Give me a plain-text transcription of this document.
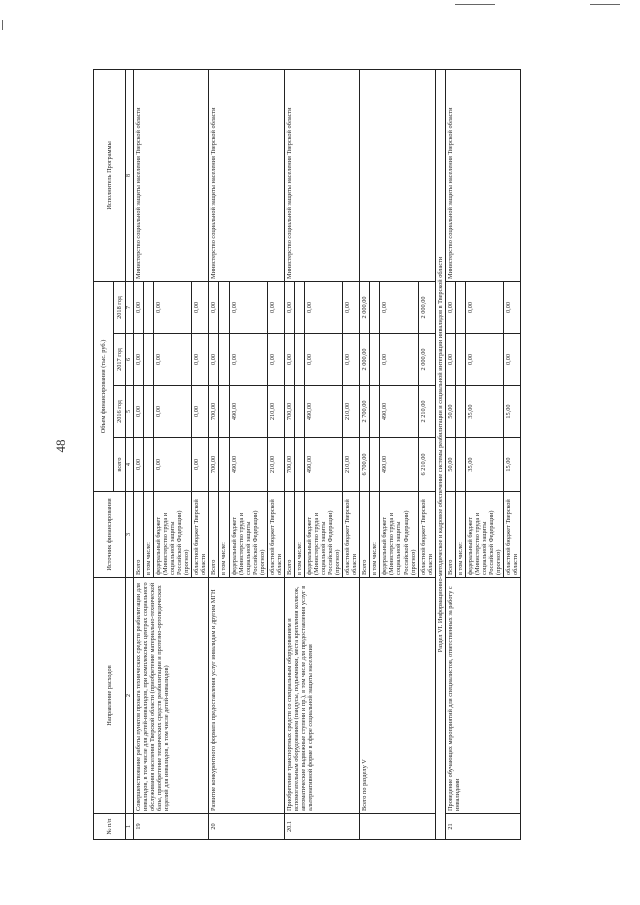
48
№ п/п	Направление расходов	Источник финансирования	Объем финансирования (тыс. руб.)				Исполнитель Программы
			всего	2016 год	2017 год	2018 год	
1	2	3	4	5	6	7	8
19	Совершенствование работы пунктов проката технических средств реабилитации для инвалидов, в том числе для детей-инвалидов, при комплексных центрах социального обслуживания населения Тверской области (приобретение материально-технической базы, приобретение технических средств реабилитации и протезно-ортопедических изделий для инвалидов, в том числе детей-инвалидов)	Всего	0,00	0,00	0,00	0,00	Министерство социальной защиты населения Тверской области
		в том числе:					
		федеральный бюджет (Министерство труда и социальной защиты Российской Федерации) (прогноз)	0,00	0,00	0,00	0,00	
		областной бюджет Тверской области	0,00	0,00	0,00	0,00	
20	Развитие конкурентного формата предоставления услуг инвалидам и другим МГН	Всего	700,00	700,00	0,00	0,00	Министерство социальной защиты населения Тверской области
		в том числе:					
		федеральный бюджет (Министерство труда и социальной защиты Российской Федерации) (прогноз)	490,00	490,00	0,00	0,00	
		областной бюджет Тверской области	210,00	210,00	0,00	0,00	
20.1	Приобретение транспортных средств со специальным оборудованием и вспомогательным оборудованием (пандусы, подъемники, места крепления колясок, автоматические выдвижные ступени и пр.), в том числе для предоставления услуг в альтернативной форме в сфере социальной защиты населения	Всего	700,00	700,00	0,00	0,00	Министерство социальной защиты населения Тверской области
		в том числе:					
		федеральный бюджет (Министерство труда и социальной защиты Российской Федерации) (прогноз)	490,00	490,00	0,00	0,00	
		областной бюджет Тверской области	210,00	210,00	0,00	0,00	
	Всего по разделу V	Всего	6 700,00	2 700,00	2 000,00	2 000,00	
		в том числе:					
		федеральный бюджет (Министерство труда и социальной защиты Российской Федерации) (прогноз)	490,00	490,00	0,00	0,00	
		областной бюджет Тверской области	6 210,00	2 210,00	2 000,00	2 000,00	
Раздел VI. Информационно-методическое и кадровое обеспечение системы реабилитации и социальной интеграции инвалидов в Тверской области							
21	Проведение обучающих мероприятий для специалистов, ответственных за работу с инвалидами	Всего	50,00	50,00	0,00	0,00	Министерство социальной защиты населения Тверской области
		в том числе:					
		федеральный бюджет (Министерство труда и социальной защиты Российской Федерации) (прогноз)	35,00	35,00	0,00	0,00	
		областной бюджет Тверской области	15,00	15,00	0,00	0,00	
